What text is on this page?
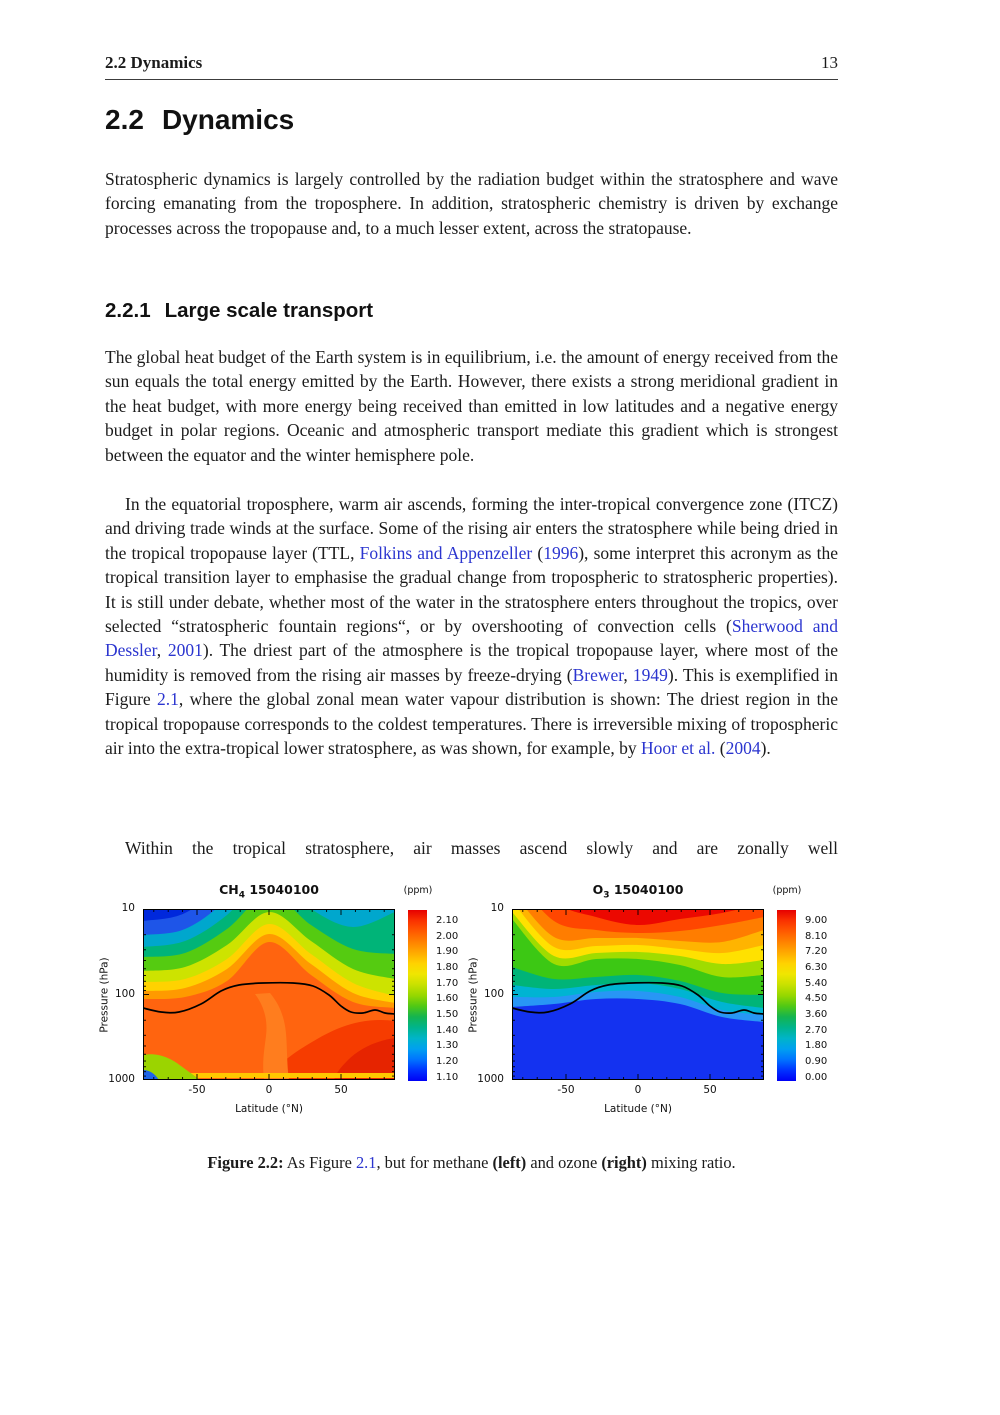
2.2 Dynamics	13
2.2 Dynamics

Stratospheric dynamics is largely controlled by the radiation budget within the stratosphere and wave forcing emanating from the troposphere. In addition, stratospheric chemistry is driven by exchange processes across the tropopause and, to a much lesser extent, across the stratopause.

2.2.1 Large scale transport

The global heat budget of the Earth system is in equilibrium, i.e. the amount of energy received from the sun equals the total energy emitted by the Earth. However, there exists a strong meridional gradient in the heat budget, with more energy being received than emitted in low latitudes and a negative energy budget in polar regions. Oceanic and atmospheric transport mediate this gradient which is strongest between the equator and the winter hemisphere pole.

In the equatorial troposphere, warm air ascends, forming the inter-tropical convergence zone (ITCZ) and driving trade winds at the surface. Some of the rising air enters the stratosphere while being dried in the tropical tropopause layer (TTL, Folkins and Appenzeller (1996), some interpret this acronym as the tropical transition layer to emphasise the gradual change from tropospheric to stratospheric properties). It is still under debate, whether most of the water in the stratosphere enters throughout the tropics, over selected “stratospheric fountain regions“, or by overshooting of convection cells (Sherwood and Dessler, 2001). The driest part of the atmosphere is the tropical tropopause layer, where most of the humidity is removed from the rising air masses by freeze-drying (Brewer, 1949). This is exemplified in Figure 2.1, where the global zonal mean water vapour distribution is shown: The driest region in the tropical tropopause corresponds to the coldest temperatures. There is irreversible mixing of tropospheric air into the extra-tropical lower stratosphere, as was shown, for example, by Hoor et al. (2004).

Within the tropical stratosphere, air masses ascend slowly and are zonally well

$CH_4$ 15040100
Pressure (hPa)
10
100
1000
-50	0	50
Latitude (°N)
(ppm)
2.10
2.00
1.90
1.80
1.70
1.60
1.50
1.40
1.30
1.20
1.10
$O_3$ 15040100
Pressure (hPa)
10
100
1000
-50	0	50
Latitude (°N)
(ppm)
9.00
8.10
7.20
6.30
5.40
4.50
3.60
2.70
1.80
0.90
0.00
Figure 2.2: As Figure 2.1, but for methane (left) and ozone (right) mixing ratio.
